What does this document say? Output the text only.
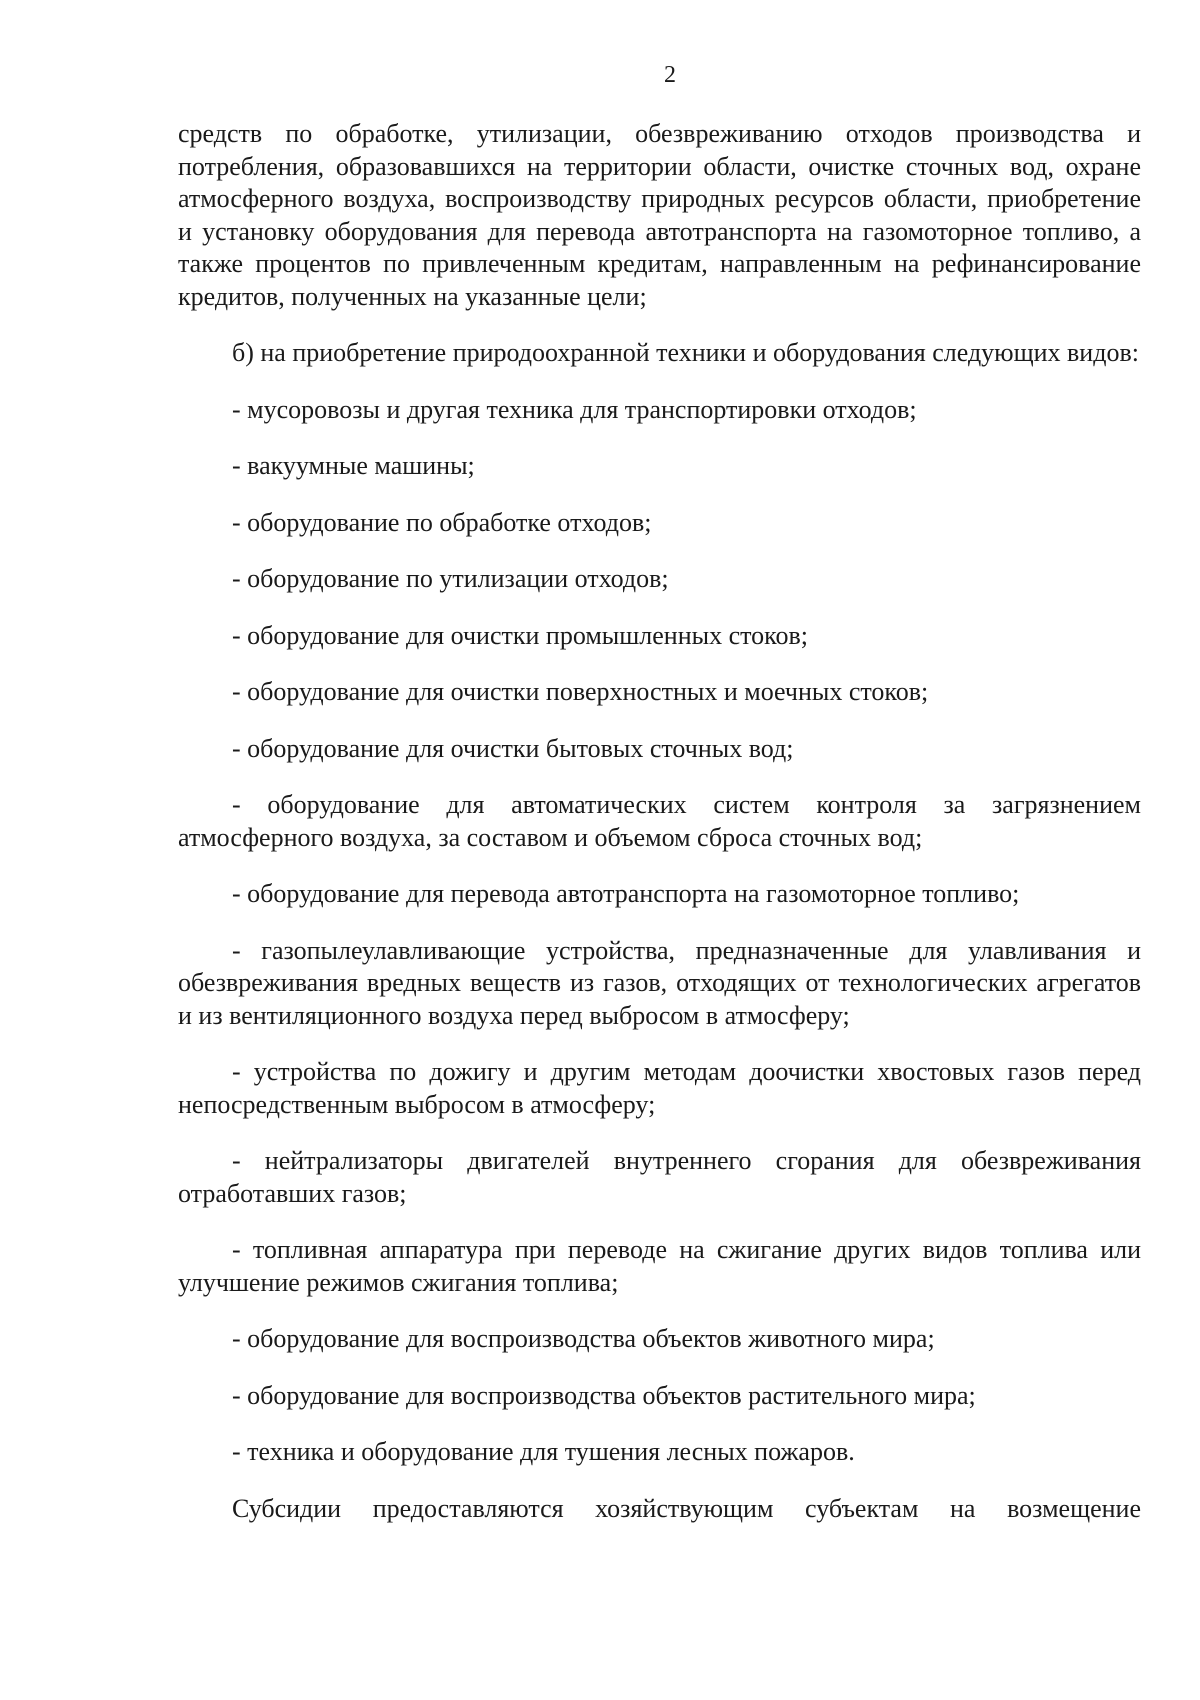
2

средств по обработке, утилизации, обезвреживанию отходов производства и потребления, образовавшихся на территории области, очистке сточных вод, охране атмосферного воздуха, воспроизводству природных ресурсов области, приобретение и установку оборудования для перевода автотранспорта на газомоторное топливо, а также процентов по привлеченным кредитам, направленным на рефинансирование кредитов, полученных на указанные цели;

б) на приобретение природоохранной техники и оборудования следующих видов:

- мусоровозы и другая техника для транспортировки отходов;

- вакуумные машины;

- оборудование по обработке отходов;

- оборудование по утилизации отходов;

- оборудование для очистки промышленных стоков;

- оборудование для очистки поверхностных и моечных стоков;

- оборудование для очистки бытовых сточных вод;

- оборудование для автоматических систем контроля за загрязнением атмосферного воздуха, за составом и объемом сброса сточных вод;

- оборудование для перевода автотранспорта на газомоторное топливо;

- газопылеулавливающие устройства, предназначенные для улавливания и обезвреживания вредных веществ из газов, отходящих от технологических агрегатов и из вентиляционного воздуха перед выбросом в атмосферу;

- устройства по дожигу и другим методам доочистки хвостовых газов перед непосредственным выбросом в атмосферу;

- нейтрализаторы двигателей внутреннего сгорания для обезвреживания отработавших газов;

- топливная аппаратура при переводе на сжигание других видов топлива или улучшение режимов сжигания топлива;

- оборудование для воспроизводства объектов животного мира;

- оборудование для воспроизводства объектов растительного мира;

- техника и оборудование для тушения лесных пожаров.

Субсидии предоставляются хозяйствующим субъектам на возмещение
